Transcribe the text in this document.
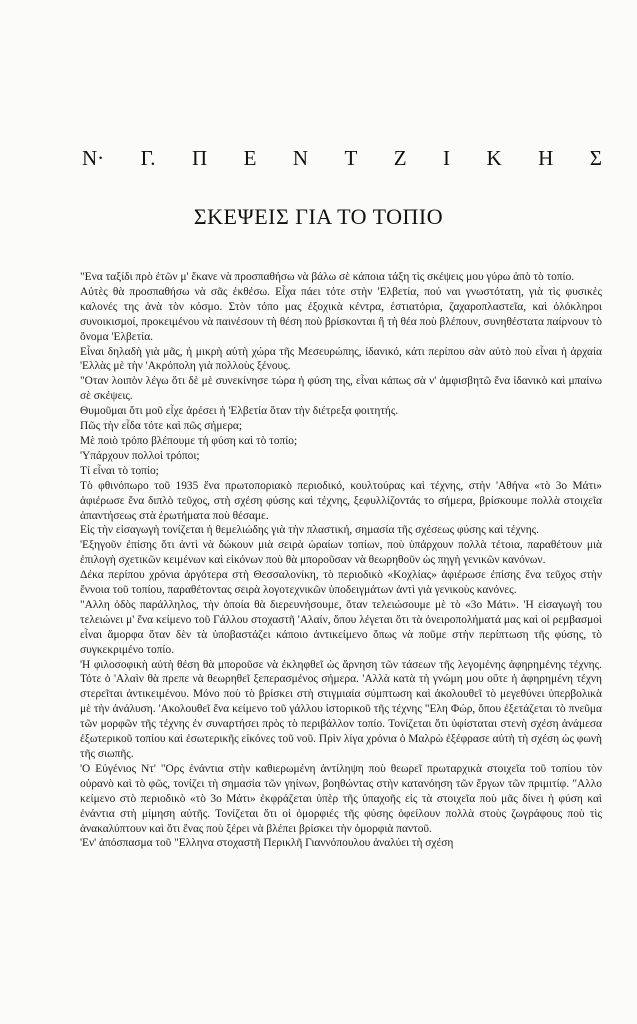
Ν· Γ. Π Ε Ν Τ Ζ Ι Κ Η Σ
ΣΚΕΨΕΙΣ ΓΙΑ ΤΟ ΤΟΠΙΟ

"Ενα ταξίδι πρὸ ἐτῶν μ' ἔκανε νὰ προσπαθήσω νὰ βάλω σὲ κάποια τάξη τὶς σκέψεις μου γύρω ἀπὸ τὸ τοπίο.

Αὐτὲς θὰ προσπαθήσω νὰ σᾶς ἐκθέσω. Εἶχα πάει τότε στὴν 'Ελβετία, πού ναι γνωστότατη, γιὰ τὶς φυσικὲς καλονές της ἀνὰ τὸν κόσμο. Στὸν τόπο μας ἐξοχικὰ κέντρα, ἑστιατόρια, ζαχαροπλαστεῖα, καὶ ὁλόκληροι συνοικισμοί, προκειμένου νὰ παινέσουν τὴ θέση ποὺ βρίσκονται ἢ τὴ θέα ποὺ βλέπουν, συνηθέστατα παίρνουν τὸ ὄνομα 'Ελβετία.

Εἶναι δηλαδὴ γιὰ μᾶς, ἡ μικρὴ αὐτὴ χώρα τῆς Μεσευρώπης, ἰδανικό, κάτι περίπου σὰν αὐτὸ ποὺ εἶναι ἡ ἀρχαία 'Ελλὰς μὲ τὴν 'Ακρόπολη γιὰ πολλοὺς ξένους.

"Οταν λοιπὸν λέγω ὅτι δὲ μὲ συνεκίνησε τώρα ἡ φύση της, εἶναι κάπως σὰ ν' ἀμφισβητῶ ἕνα ἰδανικὸ καὶ μπαίνω σὲ σκέψεις.

Θυμοῦμαι ὅτι μοῦ εἶχε ἀρέσει ἡ 'Ελβετία ὅταν τὴν διέτρεξα φοιτητής.

Πῶς τὴν εἶδα τότε καὶ πῶς σήμερα;

Μὲ ποιὸ τρόπο βλέπουμε τὴ φύση καὶ τὸ τοπίο;

'Υπάρχουν πολλοὶ τρόποι;

Τί εἶναι τὸ τοπίο;

Τὸ φθινόπωρο τοῦ 1935 ἕνα πρωτοποριακὸ περιοδικό, κουλτούρας καὶ τέχνης, στὴν 'Αθήνα «τὸ 3ο Μάτι» ἀφιέρωσε ἕνα διπλὸ τεῦχος, στὴ σχέση φύσης καὶ τέχνης, ξεφυλλίζοντάς το σήμερα, βρίσκουμε πολλὰ στοιχεῖα ἀπαντήσεως στὰ ἐρωτήματα ποὺ θέσαμε.

Εἰς τὴν εἰσαγωγὴ τονίζεται ἡ θεμελιώδης γιὰ τὴν πλαστική, σημασία τῆς σχέσεως φύσης καὶ τέχνης.

'Εξηγοῦν ἐπίσης ὅτι ἀντὶ νὰ δώκουν μιὰ σειρὰ ὡραίων τοπίων, ποὺ ὑπάρχουν πολλὰ τέτοια, παραθέτουν μιὰ ἐπιλογὴ σχετικῶν κειμένων καὶ εἰκόνων ποὺ θὰ μποροῦσαν νὰ θεωρηθοῦν ὡς πηγὴ γενικῶν κανόνων.

Δέκα περίπου χρόνια ἀργότερα στὴ Θεσσαλονίκη, τὸ περιοδικὸ «Κοχλίας» ἀφιέρωσε ἐπίσης ἕνα τεῦχος στὴν ἔννοια τοῦ τοπίου, παραθέτοντας σειρὰ λογοτεχνικῶν ὑποδειγμάτων ἀντὶ γιὰ γενικοὺς κανόνες.

"Αλλη ὁδὸς παράλληλος, τὴν ὁποία θὰ διερευνήσουμε, ὅταν τελειώσουμε μὲ τὸ «3ο Μάτι». 'Η εἰσαγωγὴ του τελειώνει μ' ἕνα κείμενο τοῦ Γάλλου στοχαστῆ 'Αλαίν, ὅπου λέγεται ὅτι τὰ ὀνειροπολήματά μας καὶ οἱ ρεμβασμοὶ εἶναι ἄμορφα ὅταν δὲν τὰ ὑποβαστάζει κάποιο ἀντικείμενο ὅπως νὰ ποῦμε στὴν περίπτωση τῆς φύσης, τὸ συγκεκριμένο τοπίο.

'Η φιλοσοφικὴ αὐτὴ θέση θὰ μποροῦσε νὰ ἐκληφθεῖ ὡς ἄρνηση τῶν τάσεων τῆς λεγομένης ἀφηρημένης τέχνης. Τότε ὁ 'Αλαὶν θὰ πρεπε νὰ θεωρηθεῖ ξεπερασμένος σήμερα. 'Αλλὰ κατὰ τὴ γνώμη μου οὔτε ἡ ἀφηρημένη τέχνη στερεῖται ἀντικειμένου. Μόνο ποὺ τὸ βρίσκει στὴ στιγμιαία σύμπτωση καὶ ἀκολουθεῖ τὸ μεγεθύνει ὑπερβολικὰ μὲ τὴν ἀνάλυση. 'Ακολουθεῖ ἕνα κείμενο τοῦ γάλλου ἱστορικοῦ τῆς τέχνης "Ελη Φώρ, ὅπου ἐξετάζεται τὸ πνεῦμα τῶν μορφῶν τῆς τέχνης ἐν συναρτήσει πρὸς τὸ περιβάλλον τοπίο. Τονίζεται ὅτι ὑφίσταται στενὴ σχέση ἀνάμεσα ἐξωτερικοῦ τοπίου καὶ ἐσωτερικῆς εἰκόνες τοῦ νοῦ. Πρὶν λίγα χρόνια ὁ Μαλρὼ ἐξέφρασε αὐτὴ τὴ σχέση ὡς φωνὴ τῆς σιωπῆς.

'Ο Εὐγένιος Ντ' "Ορς ἐνάντια στὴν καθιερωμένη ἀντίληψη ποὺ θεωρεῖ πρωταρχικὰ στοιχεῖα τοῦ τοπίου τὸν οὐρανὸ καὶ τὸ φῶς, τονίζει τὴ σημασία τῶν γηίνων, βοηθώντας στὴν κατανόηση τῶν ἔργων τῶν πριμιτίφ. "Αλλο κείμενο στὸ περιοδικὸ «τὸ 3ο Μάτι» ἐκφράζεται ὑπὲρ τῆς ὑπαχοῆς εἰς τὰ στοιχεῖα ποὺ μᾶς δίνει ἡ φύση καὶ ἐνάντια στὴ μίμηση αὐτῆς. Τονίζεται ὅτι οἱ ὁμορφιές τῆς φύσης ὀφείλουν πολλὰ στοὺς ζωγράφους ποὺ τὶς ἀνακαλύπτουν καὶ ὅτι ἕνας ποὺ ξέρει νὰ βλέπει βρίσκει τὴν ὁμορφιὰ παντοῦ.

'Εν' ἀπόσπασμα τοῦ "Ελληνα στοχαστῆ Περικλῆ Γιαννόπουλου ἀναλύει τὴ σχέση
